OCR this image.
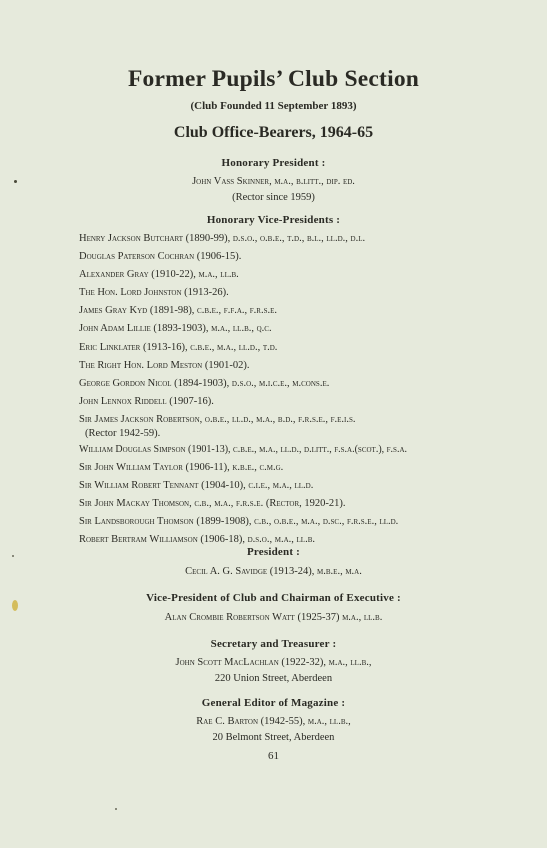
Former Pupils’ Club Section
(Club Founded 11 September 1893)
Club Office-Bearers, 1964-65
Honorary President :
John Vass Skinner, m.a., b.litt., dip. ed.
(Rector since 1959)
Honorary Vice-Presidents :
Henry Jackson Butchart (1890-99), d.s.o., o.b.e., t.d., b.l., ll.d., d.l.
Douglas Paterson Cochran (1906-15).
Alexander Gray (1910-22), m.a., ll.b.
The Hon. Lord Johnston (1913-26).
James Gray Kyd (1891-98), c.b.e., f.f.a., f.r.s.e.
John Adam Lillie (1893-1903), m.a., ll.b., q.c.
Eric Linklater (1913-16), c.b.e., m.a., ll.d., t.d.
The Right Hon. Lord Meston (1901-02).
George Gordon Nicol (1894-1903), d.s.o., m.i.c.e., m.cons.e.
John Lennox Riddell (1907-16).
Sir James Jackson Robertson, o.b.e., ll.d., m.a., b.d., f.r.s.e., f.e.i.s.
(Rector 1942-59).
William Douglas Simpson (1901-13), c.b.e., m.a., ll.d., d.litt., f.s.a.(scot.), f.s.a.
Sir John William Taylor (1906-11), k.b.e., c.m.g.
Sir William Robert Tennant (1904-10), c.i.e., m.a., ll.d.
Sir John Mackay Thomson, c.b., m.a., f.r.s.e. (Rector, 1920-21).
Sir Landsborough Thomson (1899-1908), c.b., o.b.e., m.a., d.sc., f.r.s.e., ll.d.
Robert Bertram Williamson (1906-18), d.s.o., m.a., ll.b.
President :
Cecil A. G. Savidge (1913-24), m.b.e., m.a.
Vice-President of Club and Chairman of Executive :
Alan Crombie Robertson Watt (1925-37) m.a., ll.b.
Secretary and Treasurer :
John Scott MacLachlan (1922-32), m.a., ll.b.,
220 Union Street, Aberdeen
General Editor of Magazine :
Rae C. Barton (1942-55), m.a., ll.b.,
20 Belmont Street, Aberdeen
61
